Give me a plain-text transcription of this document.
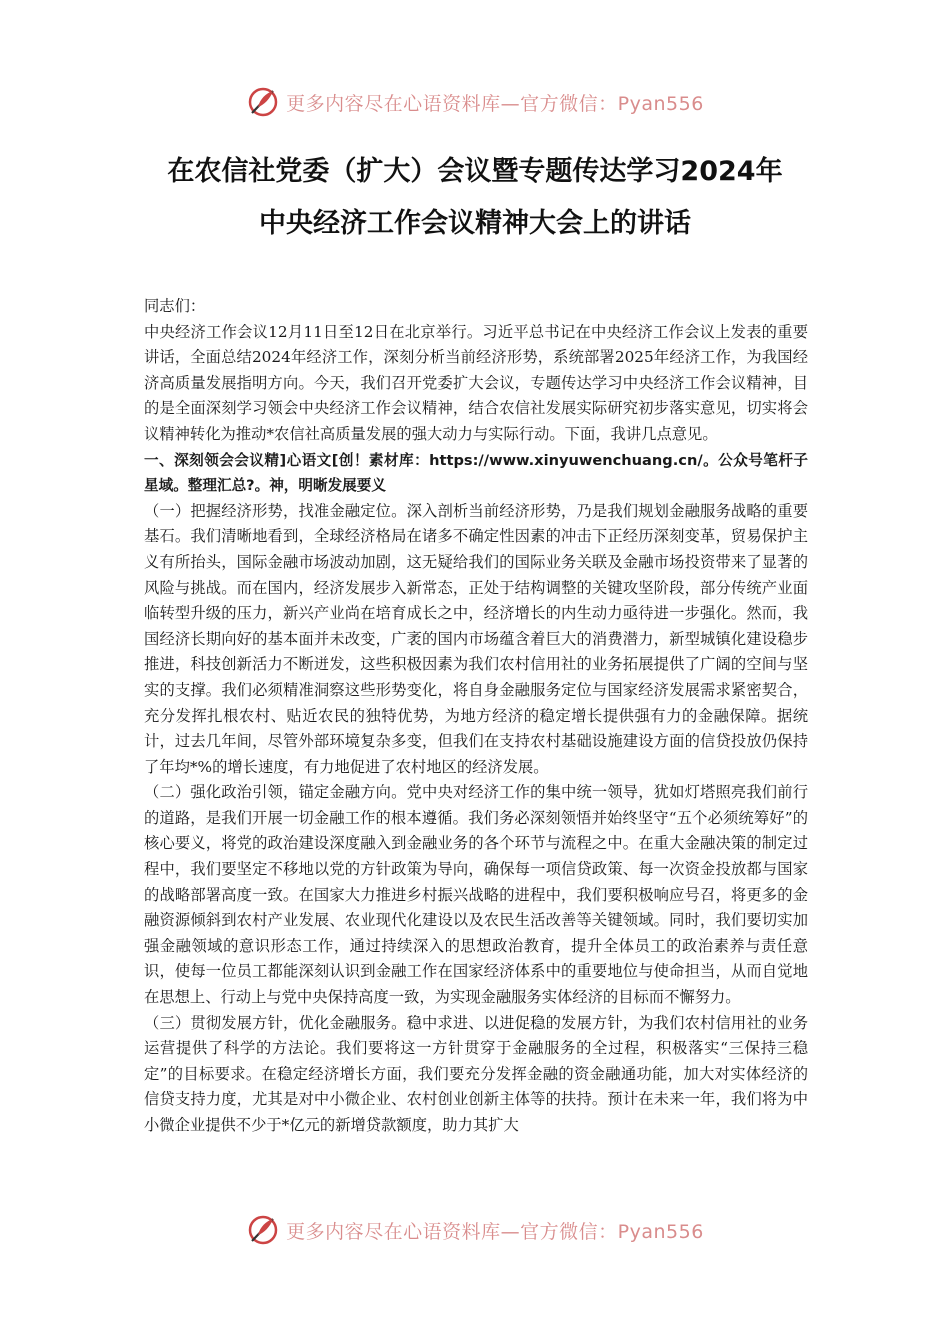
更多内容尽在心语资料库—官方微信：Pyan556
在农信社党委（扩大）会议暨专题传达学习2024年
中央经济工作会议精神大会上的讲话

同志们：

中央经济工作会议12月11日至12日在北京举行。习近平总书记在中央经济工作会议上发表的重要讲话，全面总结2024年经济工作，深刻分析当前经济形势，系统部署2025年经济工作，为我国经济高质量发展指明方向。今天，我们召开党委扩大会议，专题传达学习中央经济工作会议精神，目的是全面深刻学习领会中央经济工作会议精神，结合农信社发展实际研究初步落实意见，切实将会议精神转化为推动*农信社高质量发展的强大动力与实际行动。下面，我讲几点意见。

一、深刻领会会议精]心语文[创！素材库：https://www.xinyuwenchuang.cn/。公众号笔杆子星域。整理汇总?。神，明晰发展要义

（一）把握经济形势，找准金融定位。深入剖析当前经济形势，乃是我们规划金融服务战略的重要基石。我们清晰地看到，全球经济格局在诸多不确定性因素的冲击下正经历深刻变革，贸易保护主义有所抬头，国际金融市场波动加剧，这无疑给我们的国际业务关联及金融市场投资带来了显著的风险与挑战。而在国内，经济发展步入新常态，正处于结构调整的关键攻坚阶段，部分传统产业面临转型升级的压力，新兴产业尚在培育成长之中，经济增长的内生动力亟待进一步强化。然而，我国经济长期向好的基本面并未改变，广袤的国内市场蕴含着巨大的消费潜力，新型城镇化建设稳步推进，科技创新活力不断迸发，这些积极因素为我们农村信用社的业务拓展提供了广阔的空间与坚实的支撑。我们必须精准洞察这些形势变化，将自身金融服务定位与国家经济发展需求紧密契合，充分发挥扎根农村、贴近农民的独特优势，为地方经济的稳定增长提供强有力的金融保障。据统计，过去几年间，尽管外部环境复杂多变，但我们在支持农村基础设施建设方面的信贷投放仍保持了年均*%的增长速度，有力地促进了农村地区的经济发展。

（二）强化政治引领，锚定金融方向。党中央对经济工作的集中统一领导，犹如灯塔照亮我们前行的道路，是我们开展一切金融工作的根本遵循。我们务必深刻领悟并始终坚守“五个必须统筹好”的核心要义，将党的政治建设深度融入到金融业务的各个环节与流程之中。在重大金融决策的制定过程中，我们要坚定不移地以党的方针政策为导向，确保每一项信贷政策、每一次资金投放都与国家的战略部署高度一致。在国家大力推进乡村振兴战略的进程中，我们要积极响应号召，将更多的金融资源倾斜到农村产业发展、农业现代化建设以及农民生活改善等关键领域。同时，我们要切实加强金融领域的意识形态工作，通过持续深入的思想政治教育，提升全体员工的政治素养与责任意识，使每一位员工都能深刻认识到金融工作在国家经济体系中的重要地位与使命担当，从而自觉地在思想上、行动上与党中央保持高度一致，为实现金融服务实体经济的目标而不懈努力。

（三）贯彻发展方针，优化金融服务。稳中求进、以进促稳的发展方针，为我们农村信用社的业务运营提供了科学的方法论。我们要将这一方针贯穿于金融服务的全过程，积极落实“三保持三稳定”的目标要求。在稳定经济增长方面，我们要充分发挥金融的资金融通功能，加大对实体经济的信贷支持力度，尤其是对中小微企业、农村创业创新主体等的扶持。预计在未来一年，我们将为中小微企业提供不少于*亿元的新增贷款额度，助力其扩大

更多内容尽在心语资料库—官方微信：Pyan556
